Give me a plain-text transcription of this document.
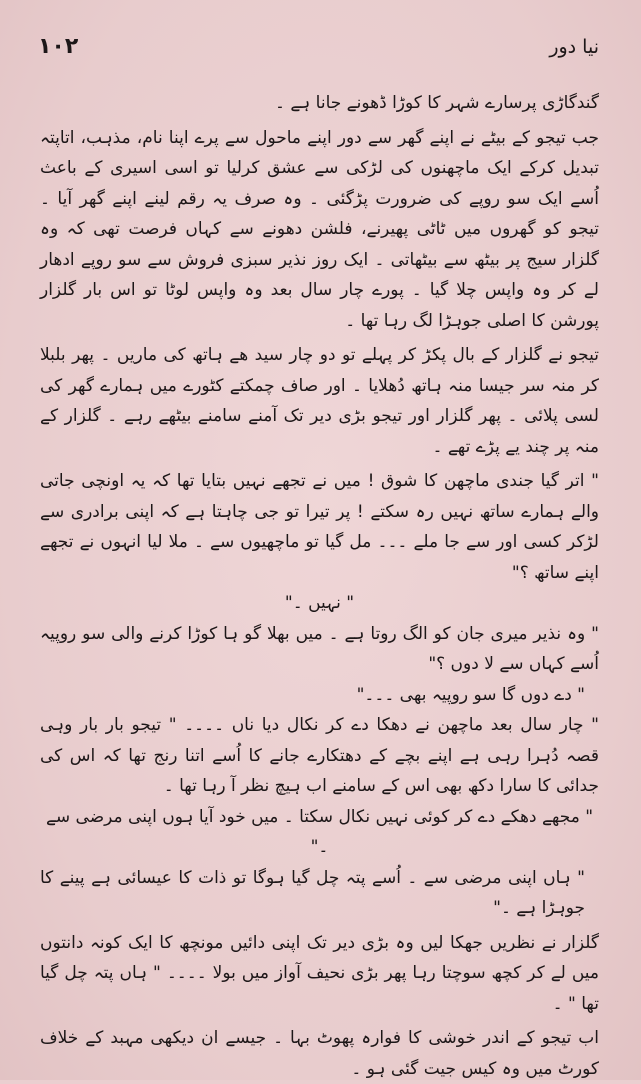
۱۰۲	نیا دور

گندگاڑی پرسارے شہر کا کوڑا ڈھونے جانا ہے ۔

جب تیجو کے بیٹے نے اپنے گھر سے دور اپنے ماحول سے پرے اپنا نام، مذہب، اتاپتہ تبدیل کرکے ایک ماچھنوں کی لڑکی سے عشق کرلیا تو اسی اسیری کے باعث اُسے ایک سو روپے کی ضرورت پڑگئی ۔ وہ صرف یہ رقم لینے اپنے گھر آیا ۔ تیجو کو گھروں میں ٹاٹی پھیرنے، فلشن دھونے سے کہاں فرصت تھی کہ وہ گلزار سیج پر بیٹھ سے بیٹھاتی ۔ ایک روز نذیر سبزی فروش سے سو روپے ادھار لے کر وہ واپس چلا گیا ۔ پورے چار سال بعد وہ واپس لوٹا تو اس بار گلزار پورشن کا اصلی جوہڑا لگ رہا تھا ۔

تیجو نے گلزار کے بال پکڑ کر پہلے تو دو چار سید ھے ہاتھ کی ماریں ۔ پھر بلبلا کر منہ سر جیسا منہ ہاتھ دُھلایا ۔ اور صاف چمکتے کٹورے میں ہمارے گھر کی لسی پلائی ۔ پھر گلزار اور تیجو بڑی دیر تک آمنے سامنے بیٹھے رہے ۔ گلزار کے منہ پر چند یے پڑے تھے ۔

" اتر گیا جندی ماچھن کا شوق ! میں نے تجھے نہیں بتایا تھا کہ یہ اونچی جاتی والے ہمارے ساتھ نہیں رہ سکتے ! پر تیرا تو جی چاہتا ہے کہ اپنی برادری سے لڑکر کسی اور سے جا ملے ۔۔۔ مل گیا تو ماچھیوں سے ۔ ملا لیا انہوں نے تجھے اپنے ساتھ ؟"

" نہیں ۔"

" وہ نذیر میری جان کو الگ روتا ہے ۔ میں بھلا گو ہا کوڑا کرنے والی سو روپیہ اُسے کہاں سے لا دوں ؟"

" دے دوں گا سو روپیہ بھی ۔۔۔"

" چار سال بعد ماچھن نے دھکا دے کر نکال دیا ناں ۔۔۔۔ " تیجو بار بار وہی قصہ دُہرا رہی ہے اپنے بچے کے دھتکارے جانے کا اُسے اتنا رنج تھا کہ اس کی جدائی کا سارا دکھ بھی اس کے سامنے اب ہیچ نظر آ رہا تھا ۔

" مجھے دھکے دے کر کوئی نہیں نکال سکتا ۔ میں خود آیا ہوں اپنی مرضی سے ۔"

" ہاں اپنی مرضی سے ۔ اُسے پتہ چل گیا ہوگا تو ذات کا عیسائی ہے پینے کا جوہڑا ہے ۔"

گلزار نے نظریں جھکا لیں وہ بڑی دیر تک اپنی دائیں مونچھ کا ایک کونہ دانتوں میں لے کر کچھ سوچتا رہا پھر بڑی نحیف آواز میں بولا ۔۔۔۔ " ہاں پتہ چل گیا تھا " ۔

اب تیجو کے اندر خوشی کا فوارہ پھوٹ بہا ۔ جیسے ان دیکھی مہبد کے خلاف کورٹ میں وہ کیس جیت گئی ہو ۔
